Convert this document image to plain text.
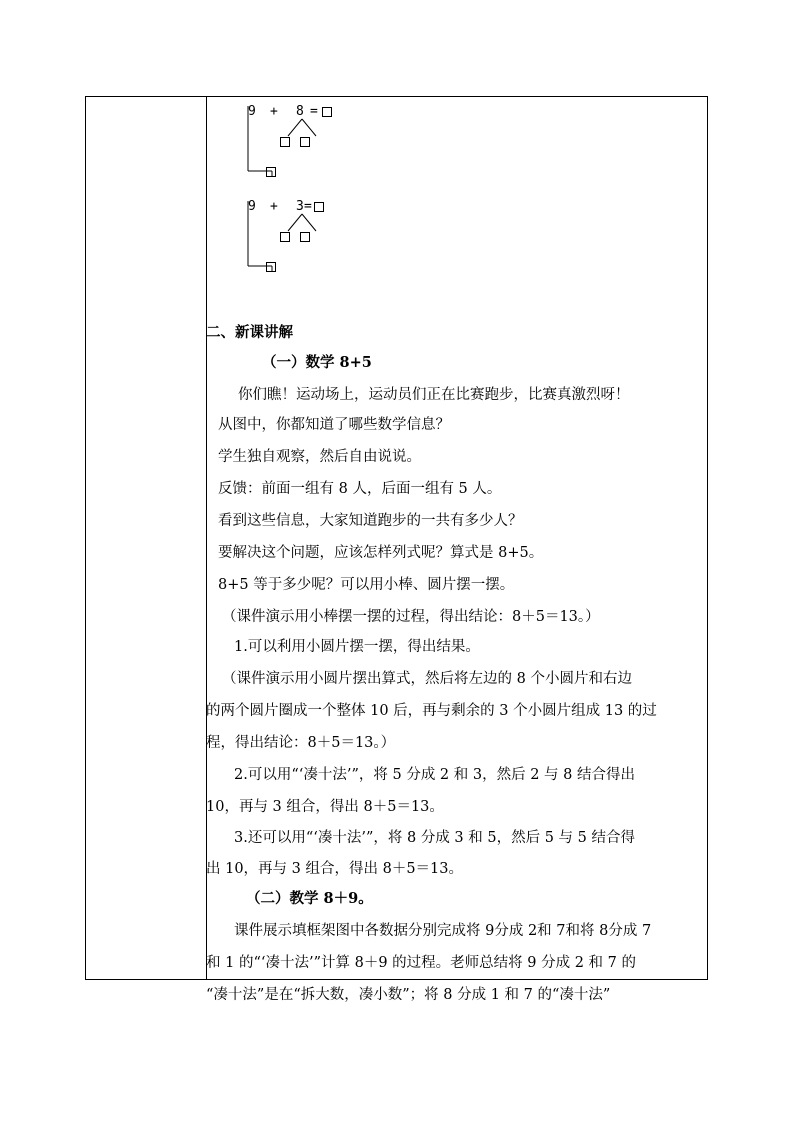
9 + 8 =
9 + 3 =
二、新课讲解
（一）数学 8+5
你们瞧！运动场上，运动员们正在比赛跑步，比赛真激烈呀！
从图中，你都知道了哪些数学信息？
学生独自观察，然后自由说说。
反馈：前面一组有 8 人，后面一组有 5 人。
看到这些信息，大家知道跑步的一共有多少人？
要解决这个问题，应该怎样列式呢？算式是 8+5。
8+5 等于多少呢？可以用小棒、圆片摆一摆。
（课件演示用小棒摆一摆的过程，得出结论：8＋5＝13。）
1.可以利用小圆片摆一摆，得出结果。
（课件演示用小圆片摆出算式，然后将左边的 8 个小圆片和右边
的两个圆片圈成一个整体 10 后，再与剩余的 3 个小圆片组成 13 的过
程，得出结论：8＋5＝13。）
2.可以用“‘凑十法’”，将 5 分成 2 和 3，然后 2 与 8 结合得出
10，再与 3 组合，得出 8＋5＝13。
3.还可以用“‘凑十法’”，将 8 分成 3 和 5，然后 5 与 5 结合得
出 10，再与 3 组合，得出 8＋5＝13。
（二）教学 8＋9。
课件展示填框架图中各数据分别完成将 9分成 2和 7和将 8分成 7
和 1 的“‘凑十法’”计算 8＋9 的过程。老师总结将 9 分成 2 和 7 的
“凑十法”是在“拆大数，凑小数”；将 8 分成 1 和 7 的“凑十法”
